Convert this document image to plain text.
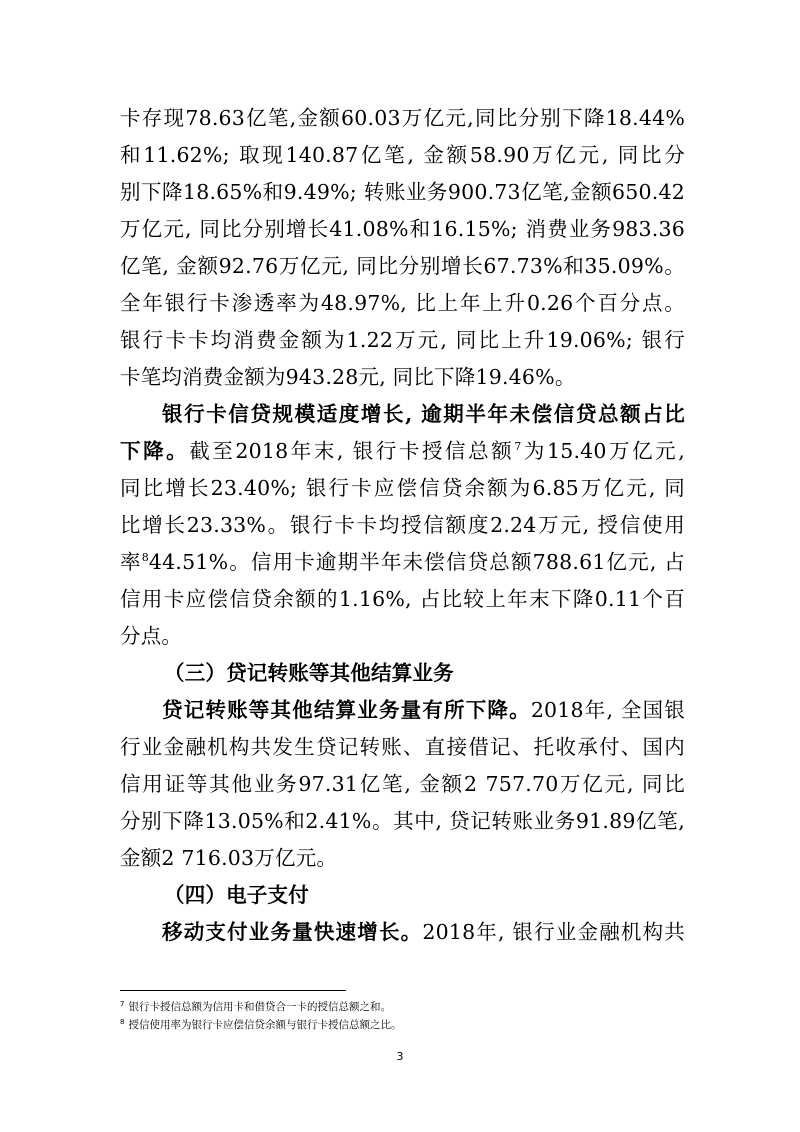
卡存现78.63亿笔,金额60.03万亿元,同比分别下降18.44%
和11.62%; 取现140.87亿笔, 金额58.90万亿元, 同比分
别下降18.65%和9.49%; 转账业务900.73亿笔,金额650.42
万亿元, 同比分别增长41.08%和16.15%; 消费业务983.36
亿笔, 金额92.76万亿元, 同比分别增长67.73%和35.09%。
全年银行卡渗透率为48.97%, 比上年上升0.26个百分点。
银行卡卡均消费金额为1.22万元, 同比上升19.06%; 银行
卡笔均消费金额为943.28元, 同比下降19.46%。
银行卡信贷规模适度增长, 逾期半年未偿信贷总额占比
下降。截至2018年末, 银行卡授信总额$^7$为15.40万亿元,
同比增长23.40%; 银行卡应偿信贷余额为6.85万亿元, 同
比增长23.33%。银行卡卡均授信额度2.24万元, 授信使用
率$^8$44.51%。信用卡逾期半年未偿信贷总额788.61亿元, 占
信用卡应偿信贷余额的1.16%, 占比较上年末下降0.11个百
分点。
（三）贷记转账等其他结算业务
贷记转账等其他结算业务量有所下降。2018年, 全国银
行业金融机构共发生贷记转账、直接借记、托收承付、国内
信用证等其他业务97.31亿笔, 金额2 757.70万亿元, 同比
分别下降13.05%和2.41%。其中, 贷记转账业务91.89亿笔,
金额2 716.03万亿元。
（四）电子支付
移动支付业务量快速增长。2018年, 银行业金融机构共
$^7$ 银行卡授信总额为信用卡和借贷合一卡的授信总额之和。
$^8$ 授信使用率为银行卡应偿信贷余额与银行卡授信总额之比。
3
